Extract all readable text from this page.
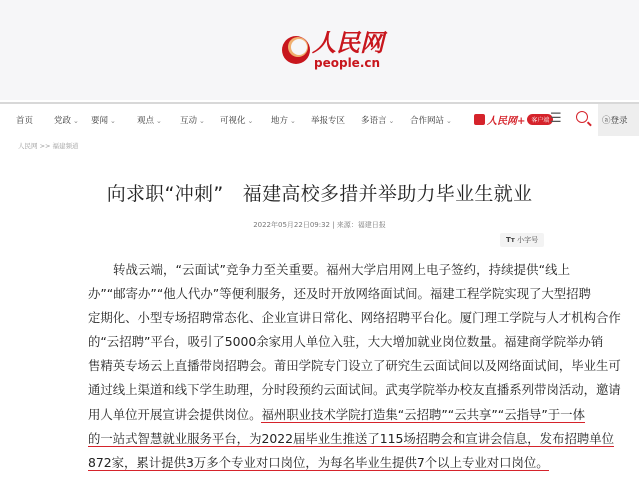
人民网
people.cn
人民网+	客户端 ☰	ⓐ登录
首页 党政 ⌄ 要闻 ⌄ 观点 ⌄ 互动 ⌄ 可视化 ⌄ 地方 ⌄ 举报专区 多语言 ⌄ 合作网站 ⌄
人民网 >> 福建频道
向求职“冲刺”　福建高校多措并举助力毕业生就业
2022年05月22日09:32 | 来源：福建日报
Tт 小字号
转战云端，“云面试”竞争力至关重要。福州大学启用网上电子签约，持续提供“线上
办”“邮寄办”“他人代办”等便利服务，还及时开放网络面试间。福建工程学院实现了大型招聘
定期化、小型专场招聘常态化、企业宣讲日常化、网络招聘平台化。厦门理工学院与人才机构合作
的“云招聘”平台，吸引了5000余家用人单位入驻，大大增加就业岗位数量。福建商学院举办销
售精英专场云上直播带岗招聘会。莆田学院专门设立了研究生云面试间以及网络面试间，毕业生可
通过线上渠道和线下学生助理，分时段预约云面试间。武夷学院举办校友直播系列带岗活动，邀请
用人单位开展宣讲会提供岗位。福州职业技术学院打造集“云招聘”“云共享”“云指导”于一体
的一站式智慧就业服务平台，为2022届毕业生推送了115场招聘会和宣讲会信息，发布招聘单位
872家，累计提供3万多个专业对口岗位，为每名毕业生提供7个以上专业对口岗位。
